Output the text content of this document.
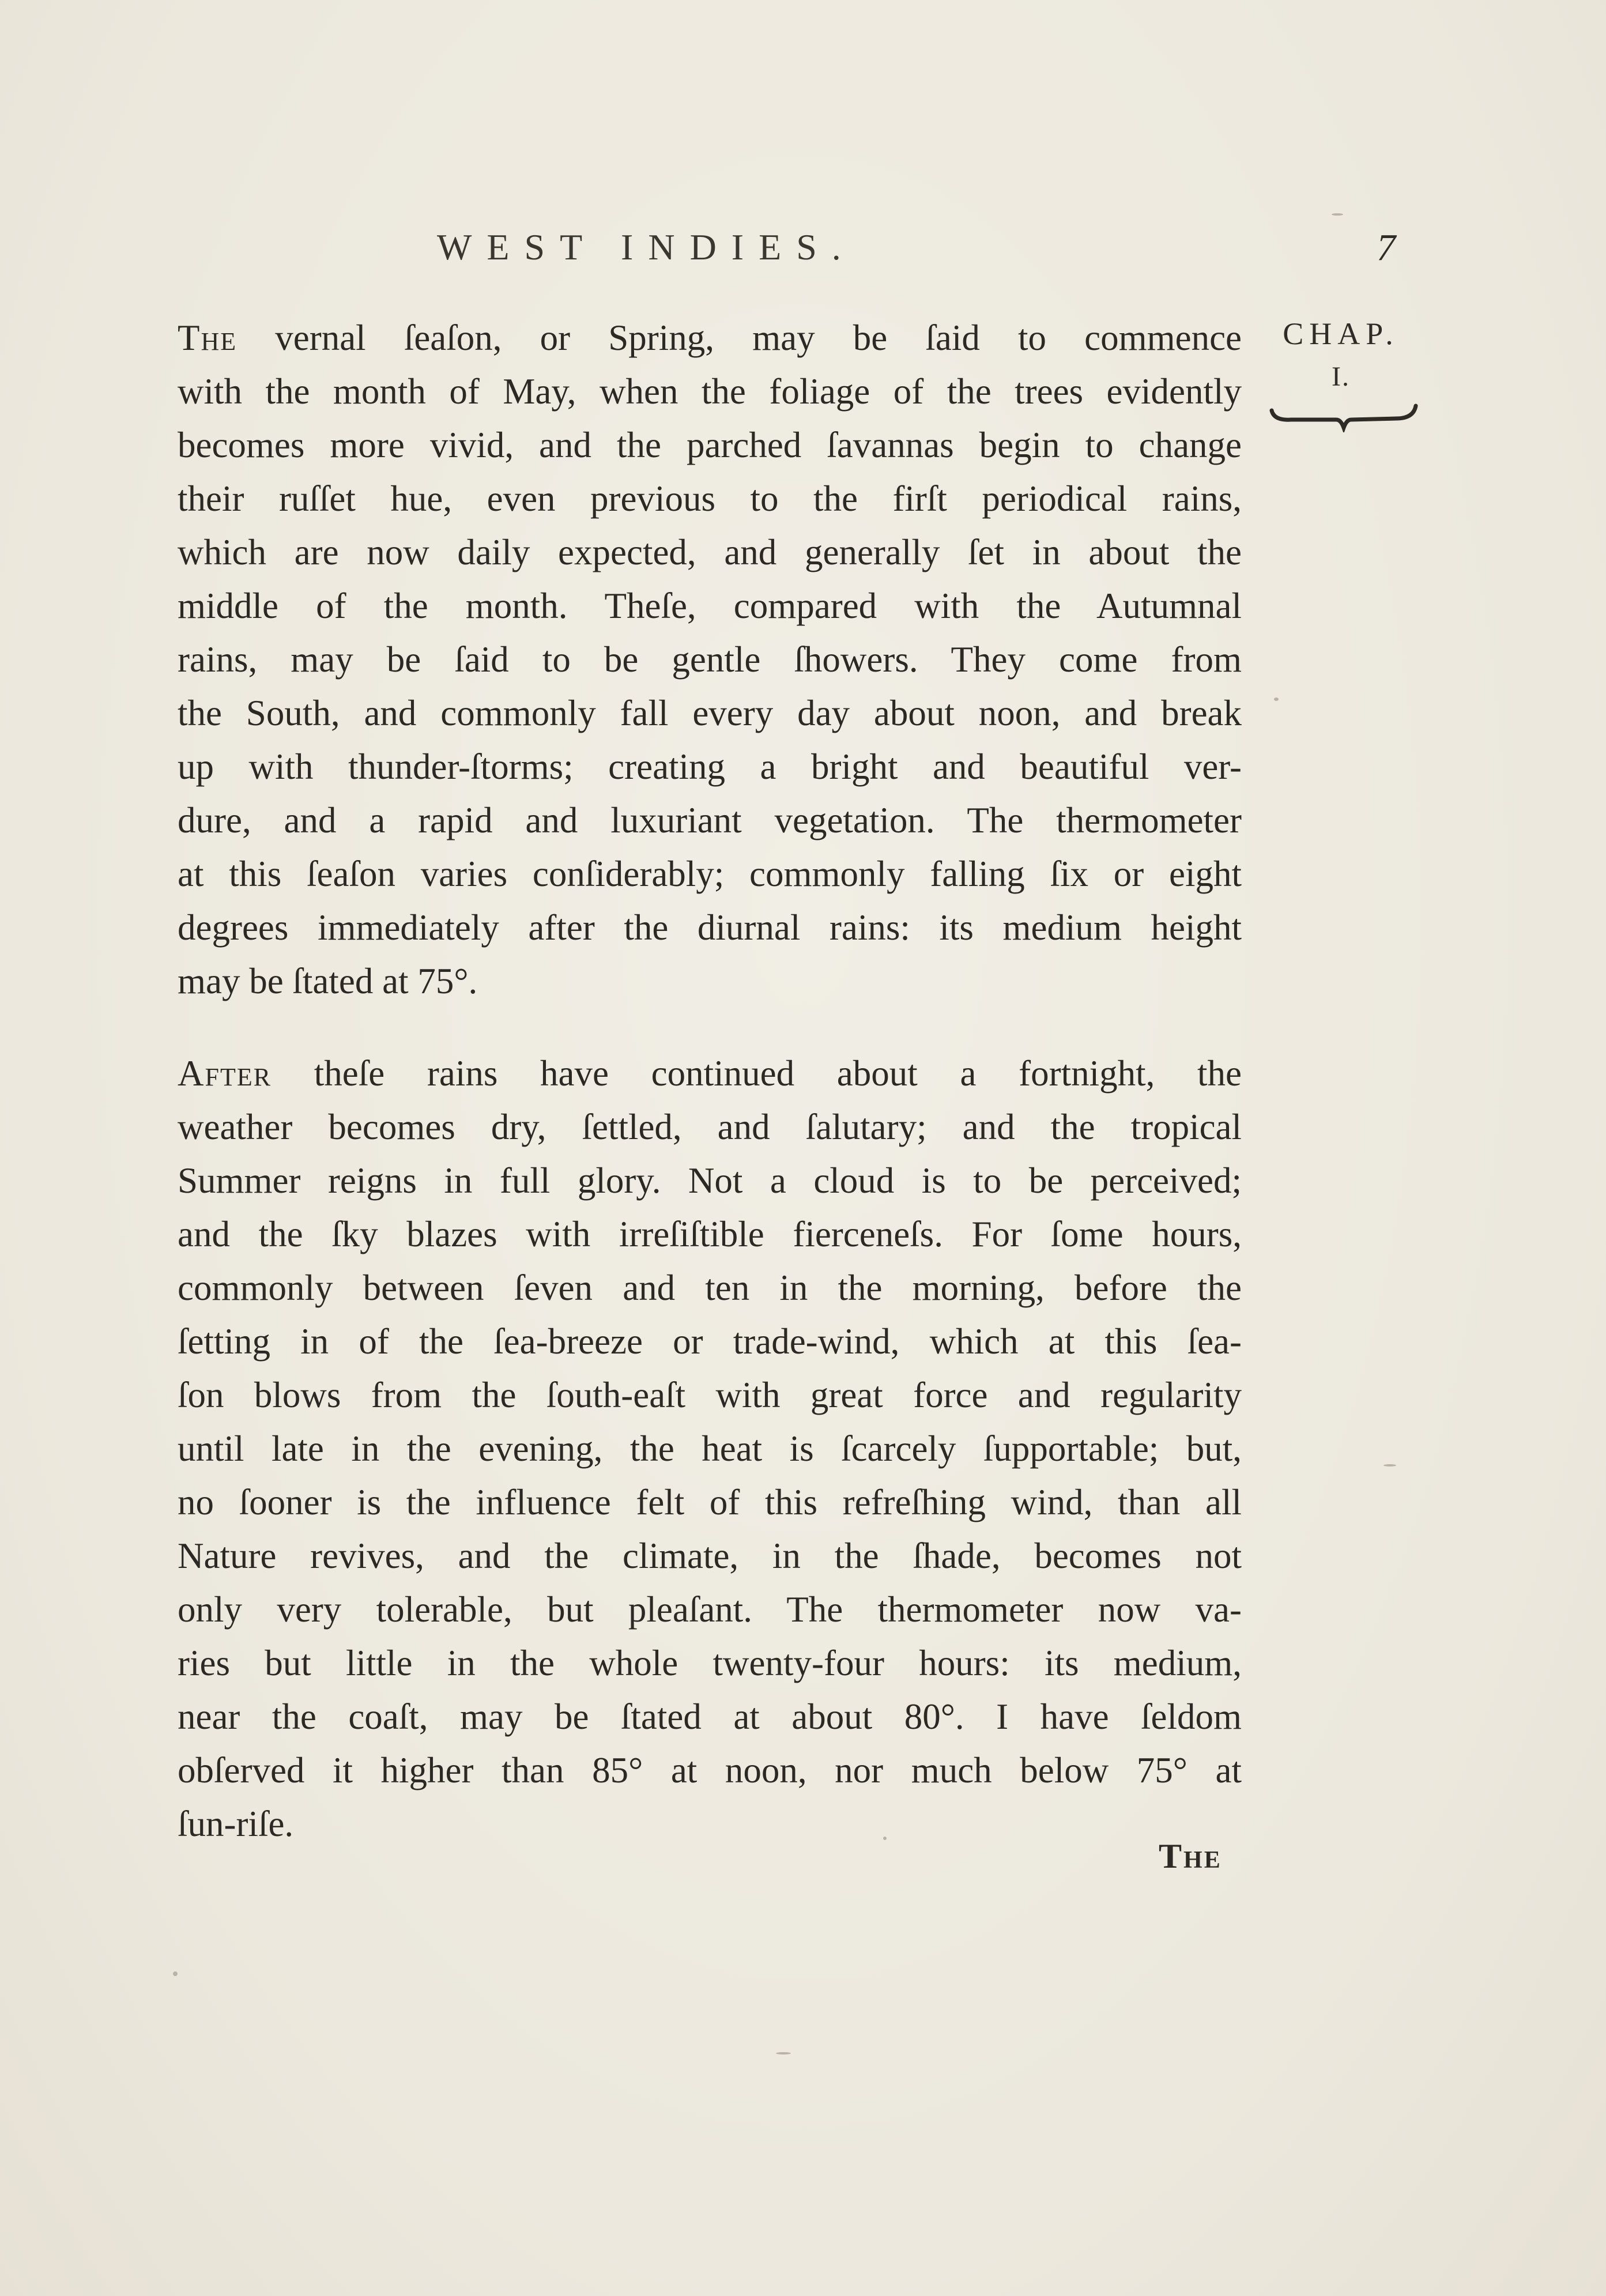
WEST INDIES.	7
CHAP.
I.
The vernal ſeaſon, or Spring, may be ſaid to commence
with the month of May, when the foliage of the trees evidently
becomes more vivid, and the parched ſavannas begin to change
their ruſſet hue, even previous to the firſt periodical rains,
which are now daily expected, and generally ſet in about the
middle of the month. Theſe, compared with the Autumnal
rains, may be ſaid to be gentle ſhowers. They come from
the South, and commonly fall every day about noon, and break
up with thunder-ſtorms; creating a bright and beautiful ver-
dure, and a rapid and luxuriant vegetation. The thermometer
at this ſeaſon varies conſiderably; commonly falling ſix or eight
degrees immediately after the diurnal rains: its medium height
may be ſtated at 75°.
After theſe rains have continued about a fortnight, the
weather becomes dry, ſettled, and ſalutary; and the tropical
Summer reigns in full glory. Not a cloud is to be perceived;
and the ſky blazes with irreſiſtible fierceneſs. For ſome hours,
commonly between ſeven and ten in the morning, before the
ſetting in of the ſea-breeze or trade-wind, which at this ſea-
ſon blows from the ſouth-eaſt with great force and regularity
until late in the evening, the heat is ſcarcely ſupportable; but,
no ſooner is the influence felt of this refreſhing wind, than all
Nature revives, and the climate, in the ſhade, becomes not
only very tolerable, but pleaſant. The thermometer now va-
ries but little in the whole twenty-four hours: its medium,
near the coaſt, may be ſtated at about 80°. I have ſeldom
obſerved it higher than 85° at noon, nor much below 75° at
ſun-riſe.
The
